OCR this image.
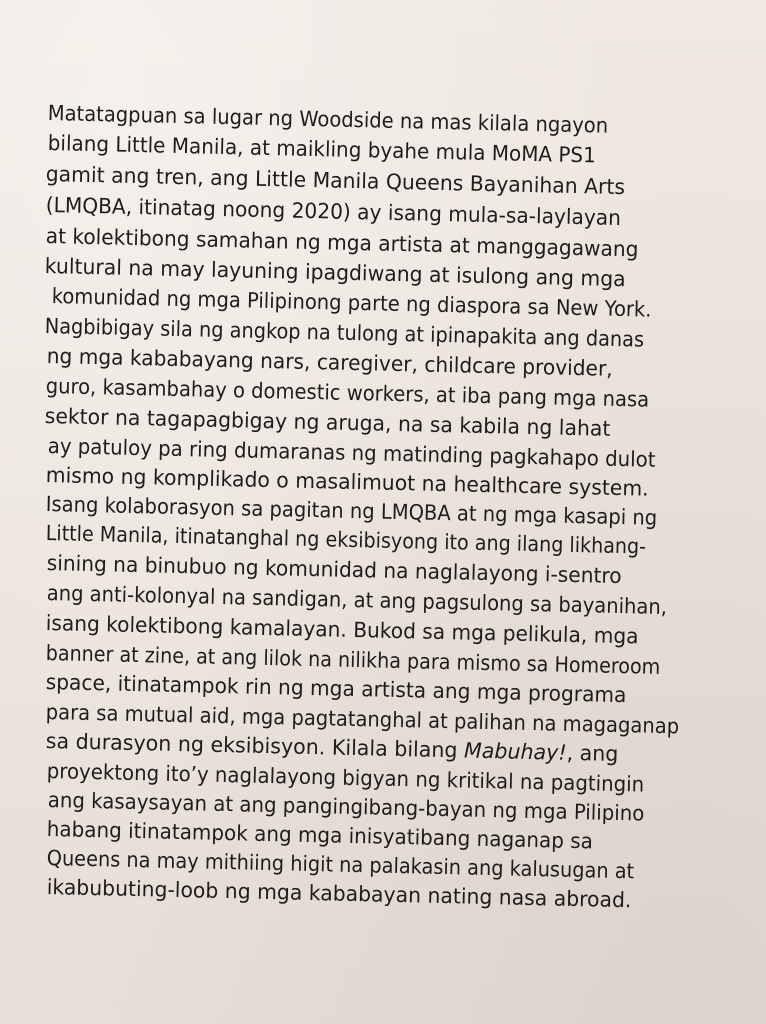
Matatagpuan sa lugar ng Woodside na mas kilala ngayon
bilang Little Manila, at maikling byahe mula MoMA PS1
gamit ang tren, ang Little Manila Queens Bayanihan Arts
(LMQBA, itinatag noong 2020) ay isang mula-sa-laylayan
at kolektibong samahan ng mga artista at manggagawang
kultural na may layuning ipagdiwang at isulong ang mga
komunidad ng mga Pilipinong parte ng diaspora sa New York.
Nagbibigay sila ng angkop na tulong at ipinapakita ang danas
ng mga kababayang nars, caregiver, childcare provider,
guro, kasambahay o domestic workers, at iba pang mga nasa
sektor na tagapagbigay ng aruga, na sa kabila ng lahat
ay patuloy pa ring dumaranas ng matinding pagkahapo dulot
mismo ng komplikado o masalimuot na healthcare system.
Isang kolaborasyon sa pagitan ng LMQBA at ng mga kasapi ng
Little Manila, itinatanghal ng eksibisyong ito ang ilang likhang-
sining na binubuo ng komunidad na naglalayong i-sentro
ang anti-kolonyal na sandigan, at ang pagsulong sa bayanihan,
isang kolektibong kamalayan. Bukod sa mga pelikula, mga
banner at zine, at ang lilok na nilikha para mismo sa Homeroom
space, itinatampok rin ng mga artista ang mga programa
para sa mutual aid, mga pagtatanghal at palihan na magaganap
sa durasyon ng eksibisyon. Kilala bilang Mabuhay!, ang
proyektong ito’y naglalayong bigyan ng kritikal na pagtingin
ang kasaysayan at ang pangingibang-bayan ng mga Pilipino
habang itinatampok ang mga inisyatibang naganap sa
Queens na may mithiing higit na palakasin ang kalusugan at
ikabubuting-loob ng mga kababayan nating nasa abroad.
